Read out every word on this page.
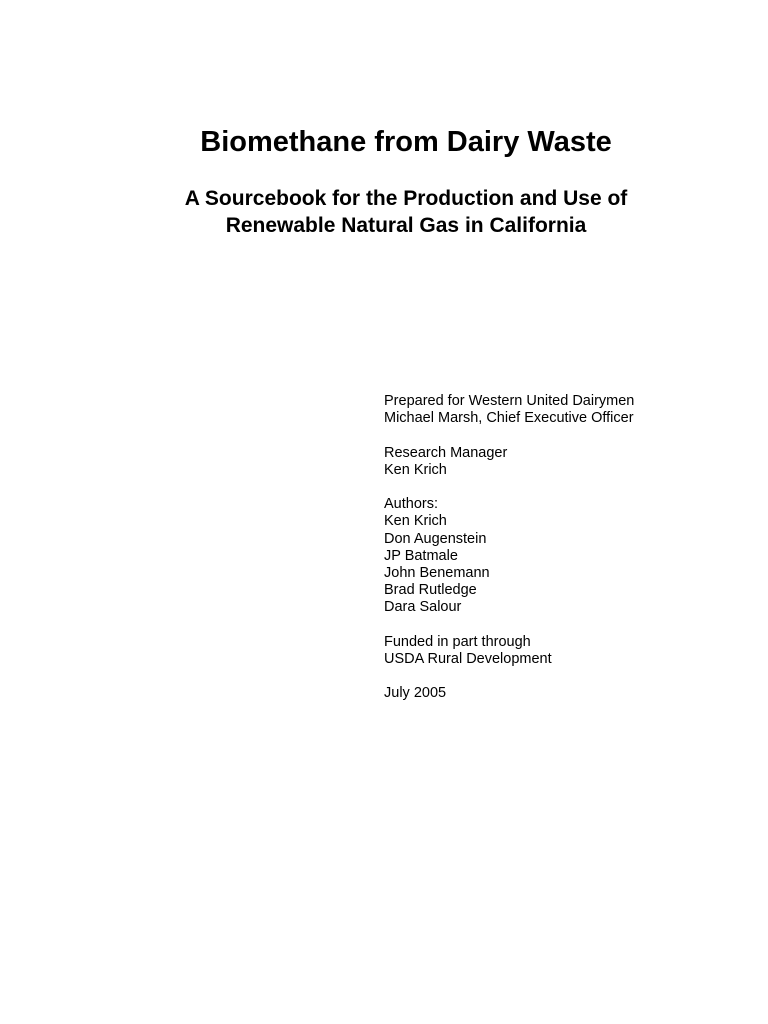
Biomethane from Dairy Waste
A Sourcebook for the Production and Use of
Renewable Natural Gas in California
Prepared for Western United Dairymen
Michael Marsh, Chief Executive Officer
Research Manager
Ken Krich
Authors:
Ken Krich
Don Augenstein
JP Batmale
John Benemann
Brad Rutledge
Dara Salour
Funded in part through
USDA Rural Development
July 2005
